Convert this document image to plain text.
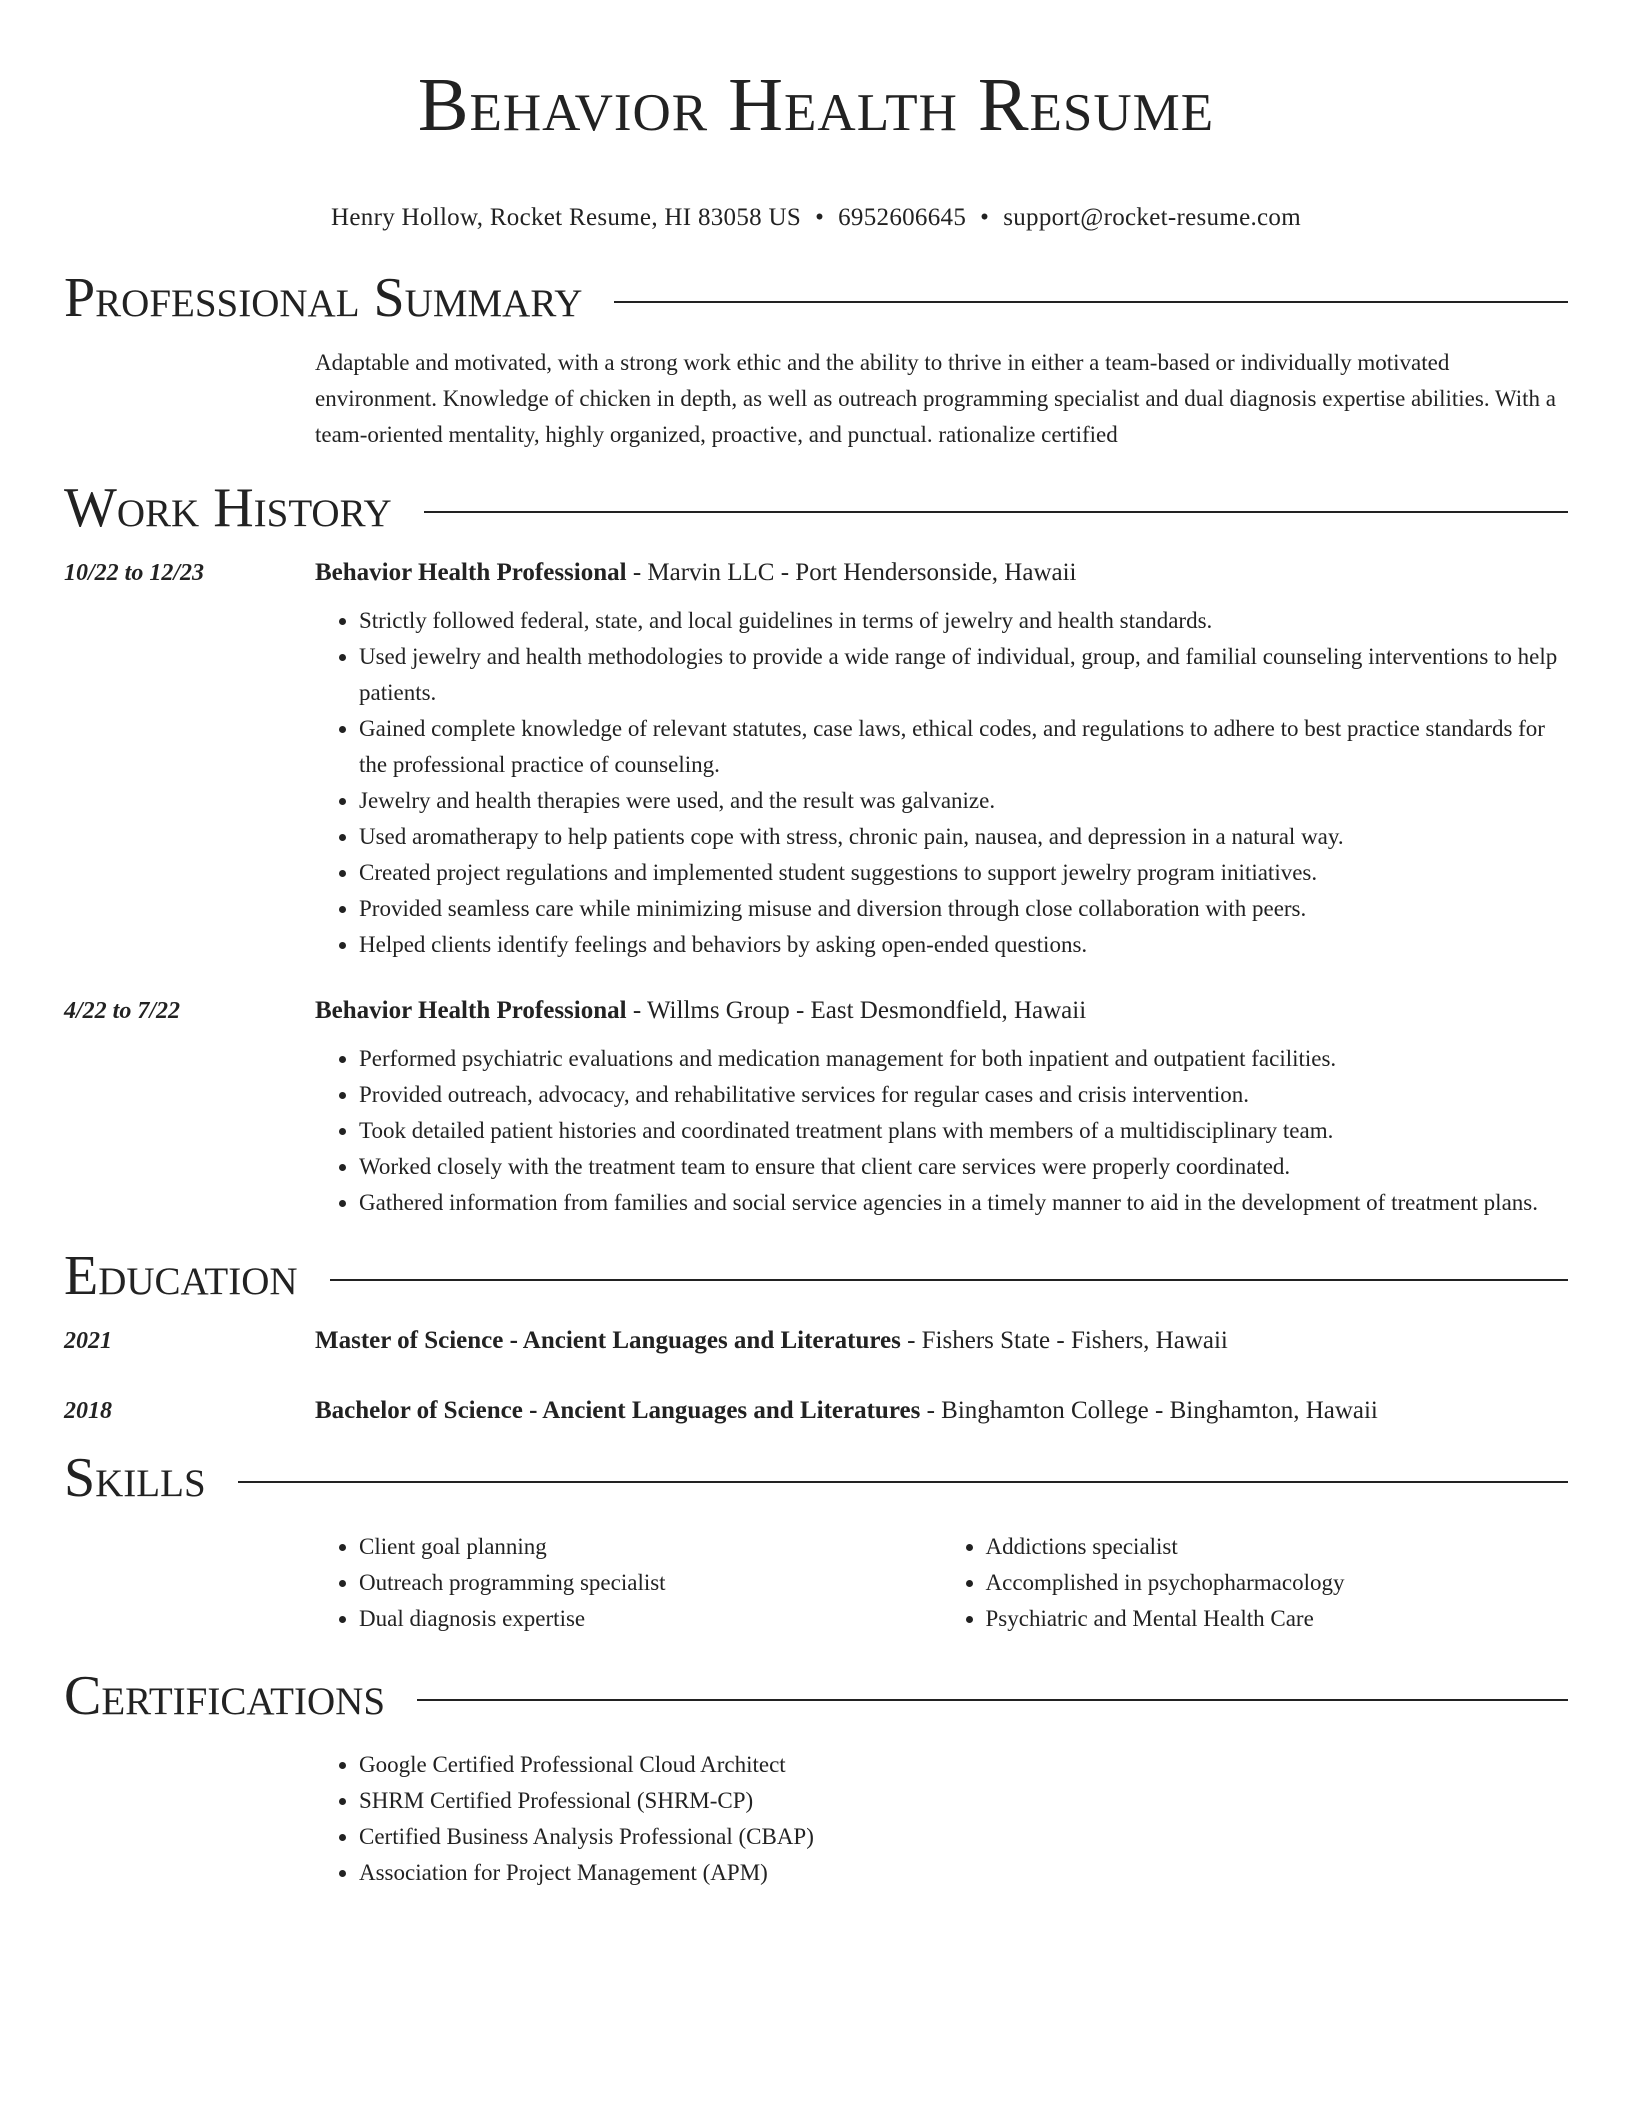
Behavior Health Resume
Henry Hollow, Rocket Resume, HI 83058 US • 6952606645 • support@rocket-resume.com
Professional Summary
Adaptable and motivated, with a strong work ethic and the ability to thrive in either a team-based or individually motivated environment. Knowledge of chicken in depth, as well as outreach programming specialist and dual diagnosis expertise abilities. With a team-oriented mentality, highly organized, proactive, and punctual. rationalize certified
Work History
10/22 to 12/23	Behavior Health Professional - Marvin LLC - Port Hendersonside, Hawaii
• Strictly followed federal, state, and local guidelines in terms of jewelry and health standards.
• Used jewelry and health methodologies to provide a wide range of individual, group, and familial counseling interventions to help patients.
• Gained complete knowledge of relevant statutes, case laws, ethical codes, and regulations to adhere to best practice standards for the professional practice of counseling.
• Jewelry and health therapies were used, and the result was galvanize.
• Used aromatherapy to help patients cope with stress, chronic pain, nausea, and depression in a natural way.
• Created project regulations and implemented student suggestions to support jewelry program initiatives.
• Provided seamless care while minimizing misuse and diversion through close collaboration with peers.
• Helped clients identify feelings and behaviors by asking open-ended questions.
4/22 to 7/22	Behavior Health Professional - Willms Group - East Desmondfield, Hawaii
• Performed psychiatric evaluations and medication management for both inpatient and outpatient facilities.
• Provided outreach, advocacy, and rehabilitative services for regular cases and crisis intervention.
• Took detailed patient histories and coordinated treatment plans with members of a multidisciplinary team.
• Worked closely with the treatment team to ensure that client care services were properly coordinated.
• Gathered information from families and social service agencies in a timely manner to aid in the development of treatment plans.
Education
2021	Master of Science - Ancient Languages and Literatures - Fishers State - Fishers, Hawaii
2018	Bachelor of Science - Ancient Languages and Literatures - Binghamton College - Binghamton, Hawaii
Skills
• Client goal planning
• Outreach programming specialist
• Dual diagnosis expertise
• Addictions specialist
• Accomplished in psychopharmacology
• Psychiatric and Mental Health Care
Certifications
• Google Certified Professional Cloud Architect
• SHRM Certified Professional (SHRM-CP)
• Certified Business Analysis Professional (CBAP)
• Association for Project Management (APM)
